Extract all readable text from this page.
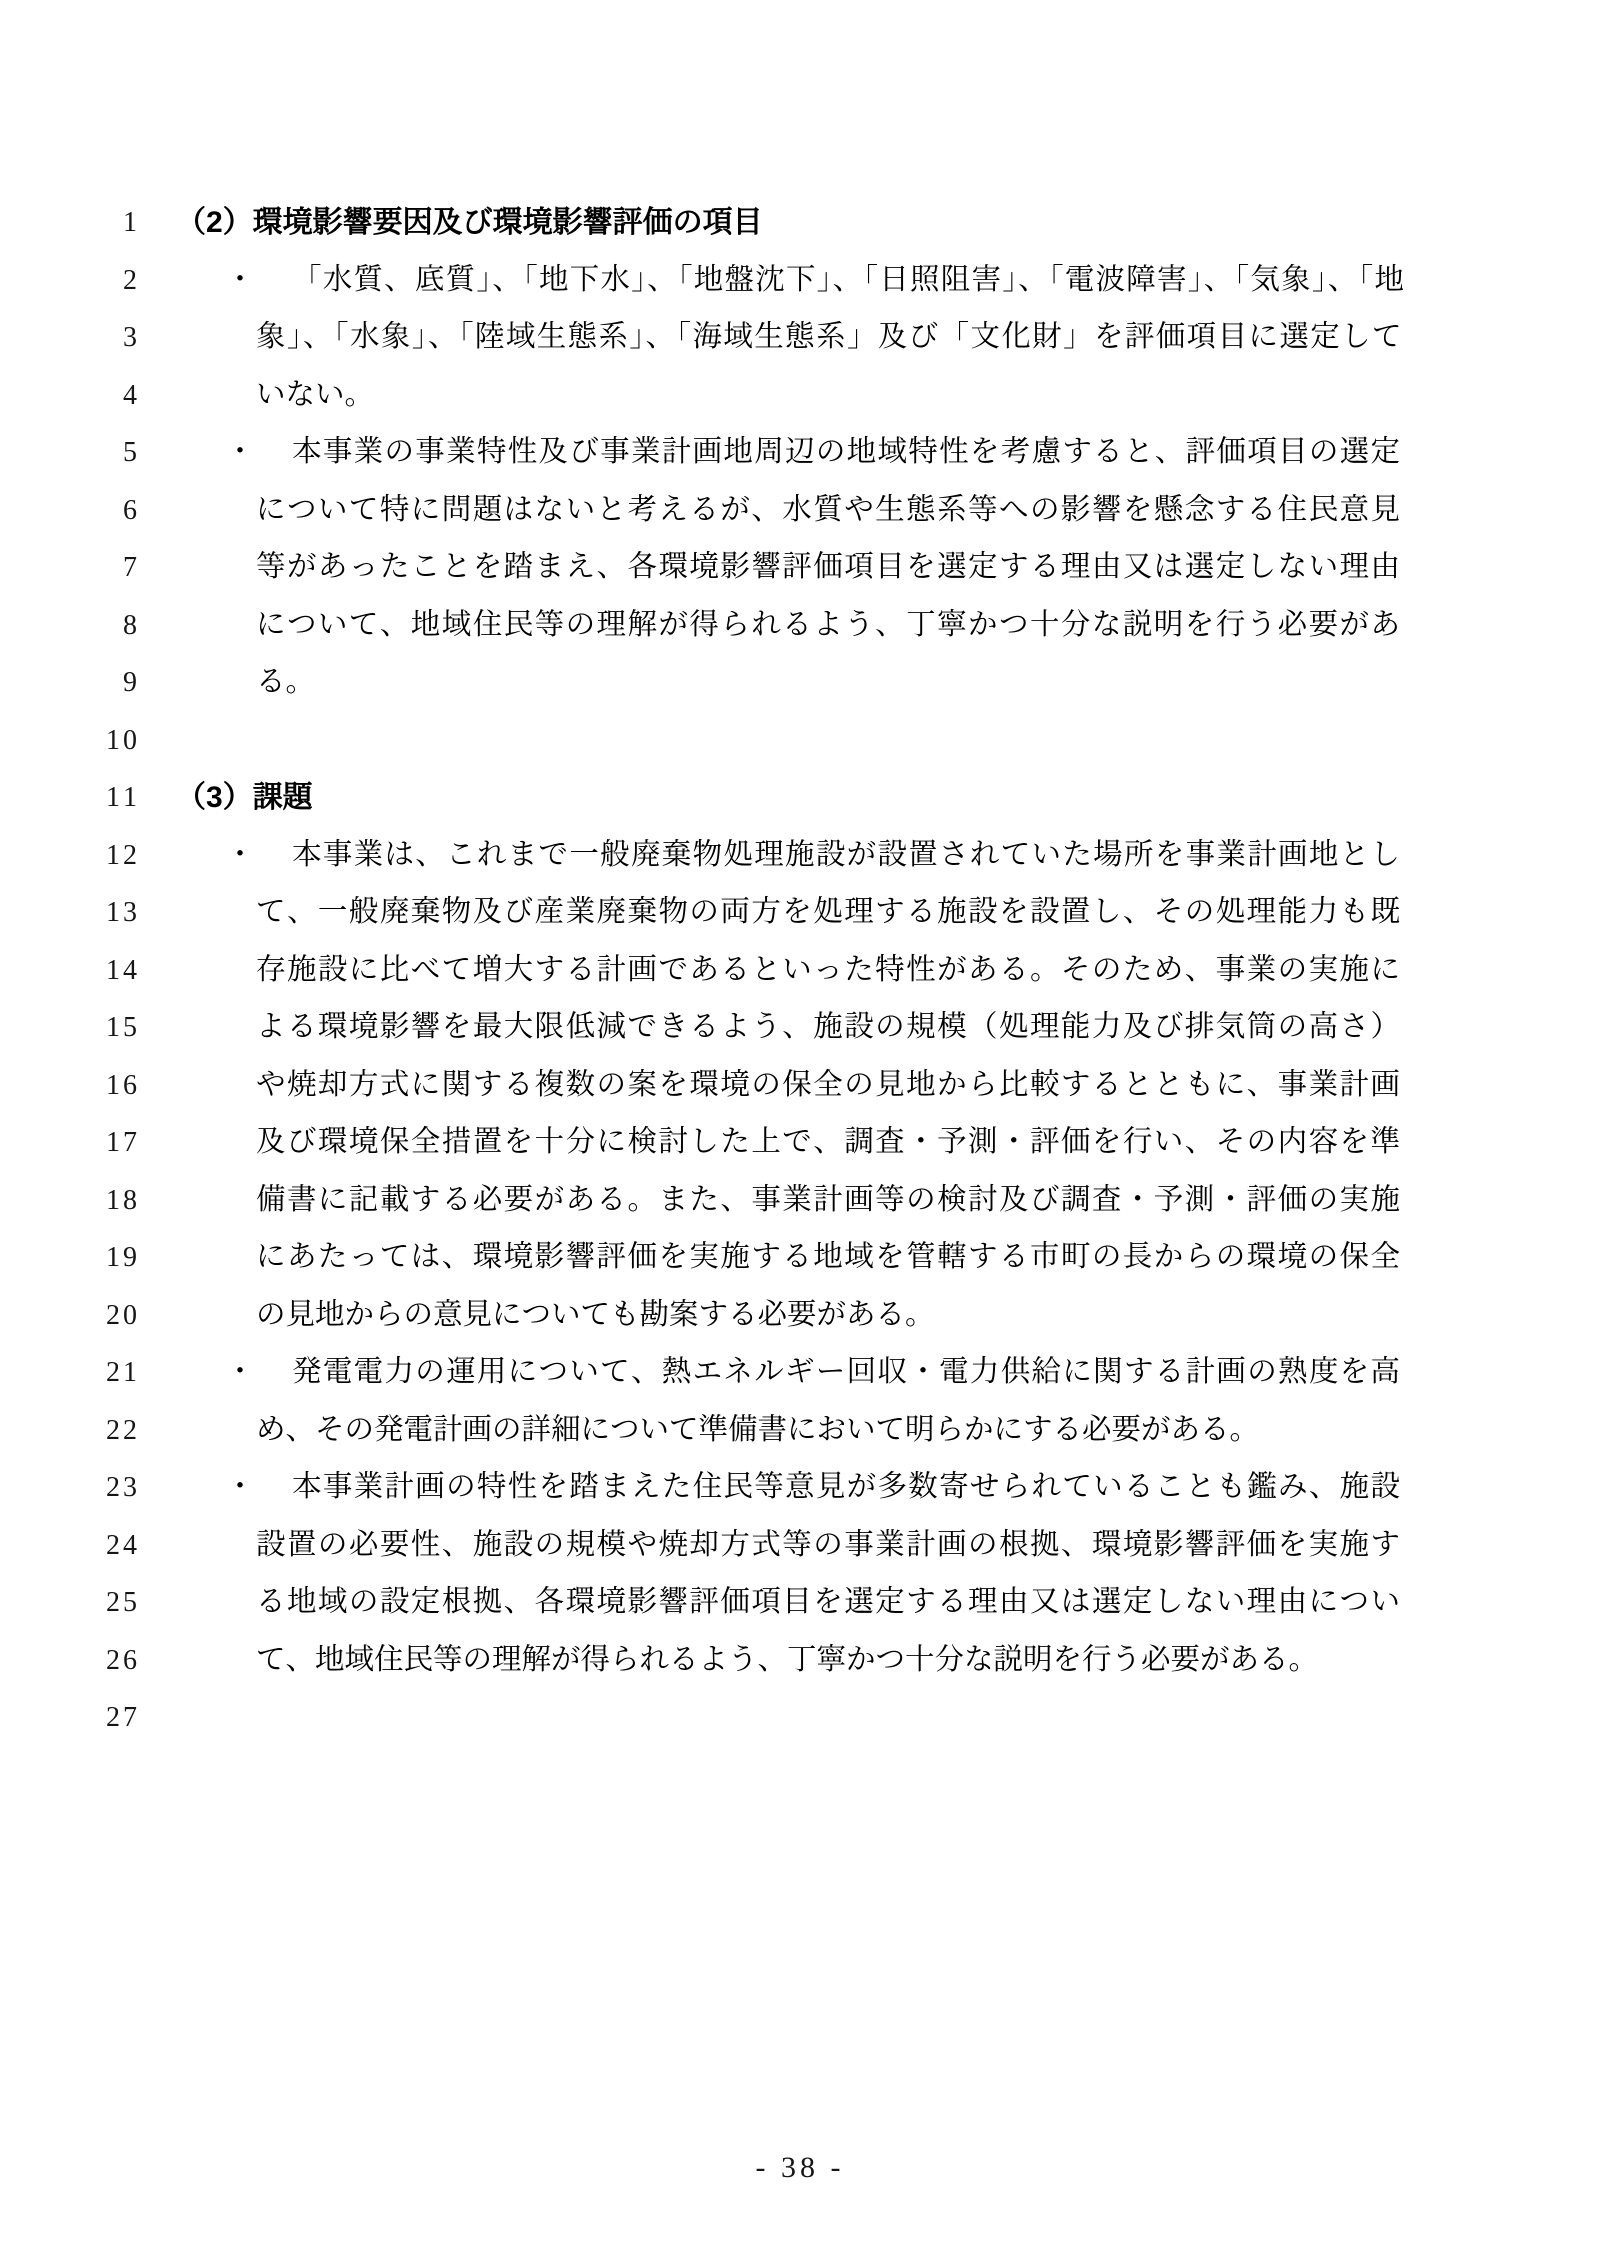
1 （2）環境影響要因及び環境影響評価の項目
2	・ 「水質、底質」、「地下水」、「地盤沈下」、「日照阻害」、「電波障害」、「気象」、「地
3	象」、「水象」、「陸域生態系」、「海域生態系」及び「文化財」を評価項目に選定して
4	いない。
5	・ 本事業の事業特性及び事業計画地周辺の地域特性を考慮すると、評価項目の選定
6	について特に問題はないと考えるが、水質や生態系等への影響を懸念する住民意見
7	等があったことを踏まえ、各環境影響評価項目を選定する理由又は選定しない理由
8	について、地域住民等の理解が得られるよう、丁寧かつ十分な説明を行う必要があ
9	る。
10
11 （3）課題
12	・ 本事業は、これまで一般廃棄物処理施設が設置されていた場所を事業計画地とし
13	て、一般廃棄物及び産業廃棄物の両方を処理する施設を設置し、その処理能力も既
14	存施設に比べて増大する計画であるといった特性がある。そのため、事業の実施に
15	よる環境影響を最大限低減できるよう、施設の規模（処理能力及び排気筒の高さ）
16	や焼却方式に関する複数の案を環境の保全の見地から比較するとともに、事業計画
17	及び環境保全措置を十分に検討した上で、調査・予測・評価を行い、その内容を準
18	備書に記載する必要がある。また、事業計画等の検討及び調査・予測・評価の実施
19	にあたっては、環境影響評価を実施する地域を管轄する市町の長からの環境の保全
20	の見地からの意見についても勘案する必要がある。
21	・ 発電電力の運用について、熱エネルギー回収・電力供給に関する計画の熟度を高
22	め、その発電計画の詳細について準備書において明らかにする必要がある。
23	・ 本事業計画の特性を踏まえた住民等意見が多数寄せられていることも鑑み、施設
24	設置の必要性、施設の規模や焼却方式等の事業計画の根拠、環境影響評価を実施す
25	る地域の設定根拠、各環境影響評価項目を選定する理由又は選定しない理由につい
26	て、地域住民等の理解が得られるよう、丁寧かつ十分な説明を行う必要がある。
27
- 38 -
